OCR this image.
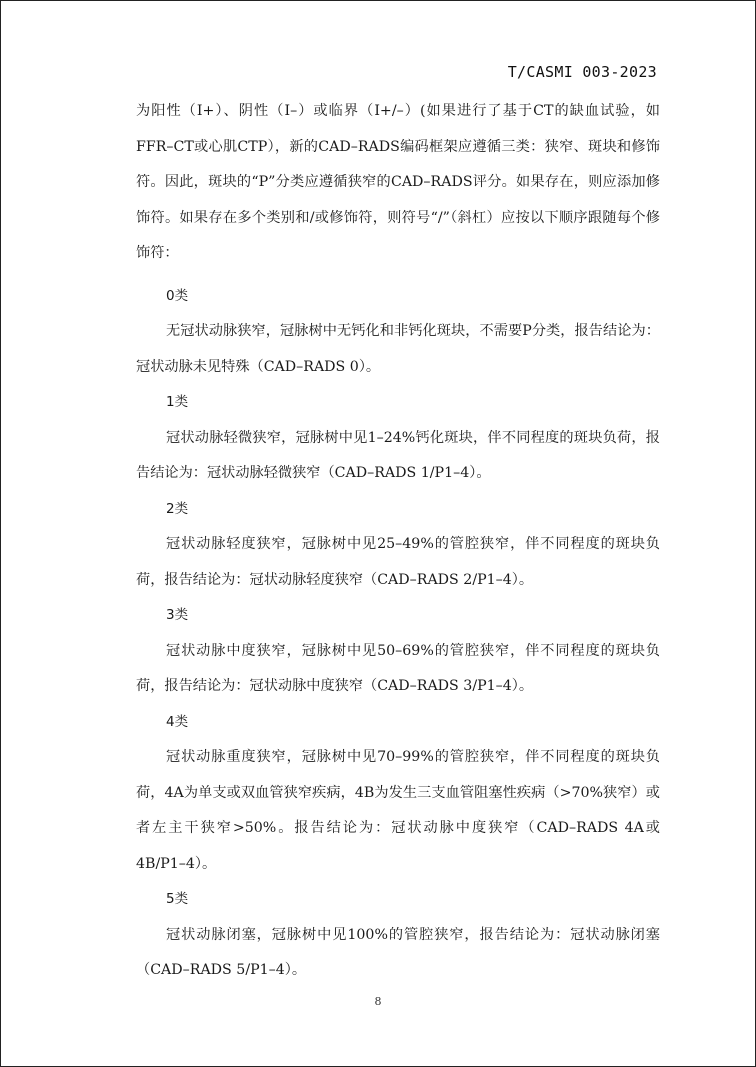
T/CASMI 003-2023

为阳性（I+）、阴性（I–）或临界（I+/–）(如果进行了基于CT的缺血试验，如FFR–CT或心肌CTP），新的CAD–RADS编码框架应遵循三类：狭窄、斑块和修饰符。因此，斑块的“P”分类应遵循狭窄的CAD–RADS评分。如果存在，则应添加修饰符。如果存在多个类别和/或修饰符，则符号“/”（斜杠）应按以下顺序跟随每个修饰符：

0类

无冠状动脉狭窄，冠脉树中无钙化和非钙化斑块，不需要P分类，报告结论为：冠状动脉未见特殊（CAD–RADS 0）。

1类

冠状动脉轻微狭窄，冠脉树中见1–24%钙化斑块，伴不同程度的斑块负荷，报告结论为：冠状动脉轻微狭窄（CAD–RADS 1/P1–4）。

2类

冠状动脉轻度狭窄，冠脉树中见25–49%的管腔狭窄，伴不同程度的斑块负荷，报告结论为：冠状动脉轻度狭窄（CAD–RADS 2/P1–4）。

3类

冠状动脉中度狭窄，冠脉树中见50–69%的管腔狭窄，伴不同程度的斑块负荷，报告结论为：冠状动脉中度狭窄（CAD–RADS 3/P1–4）。

4类

冠状动脉重度狭窄，冠脉树中见70–99%的管腔狭窄，伴不同程度的斑块负荷，4A为单支或双血管狭窄疾病，4B为发生三支血管阻塞性疾病（>70%狭窄）或者左主干狭窄>50%。报告结论为：冠状动脉中度狭窄（CAD–RADS 4A或4B/P1–4）。

5类

冠状动脉闭塞，冠脉树中见100%的管腔狭窄，报告结论为：冠状动脉闭塞（CAD–RADS 5/P1–4）。

8
